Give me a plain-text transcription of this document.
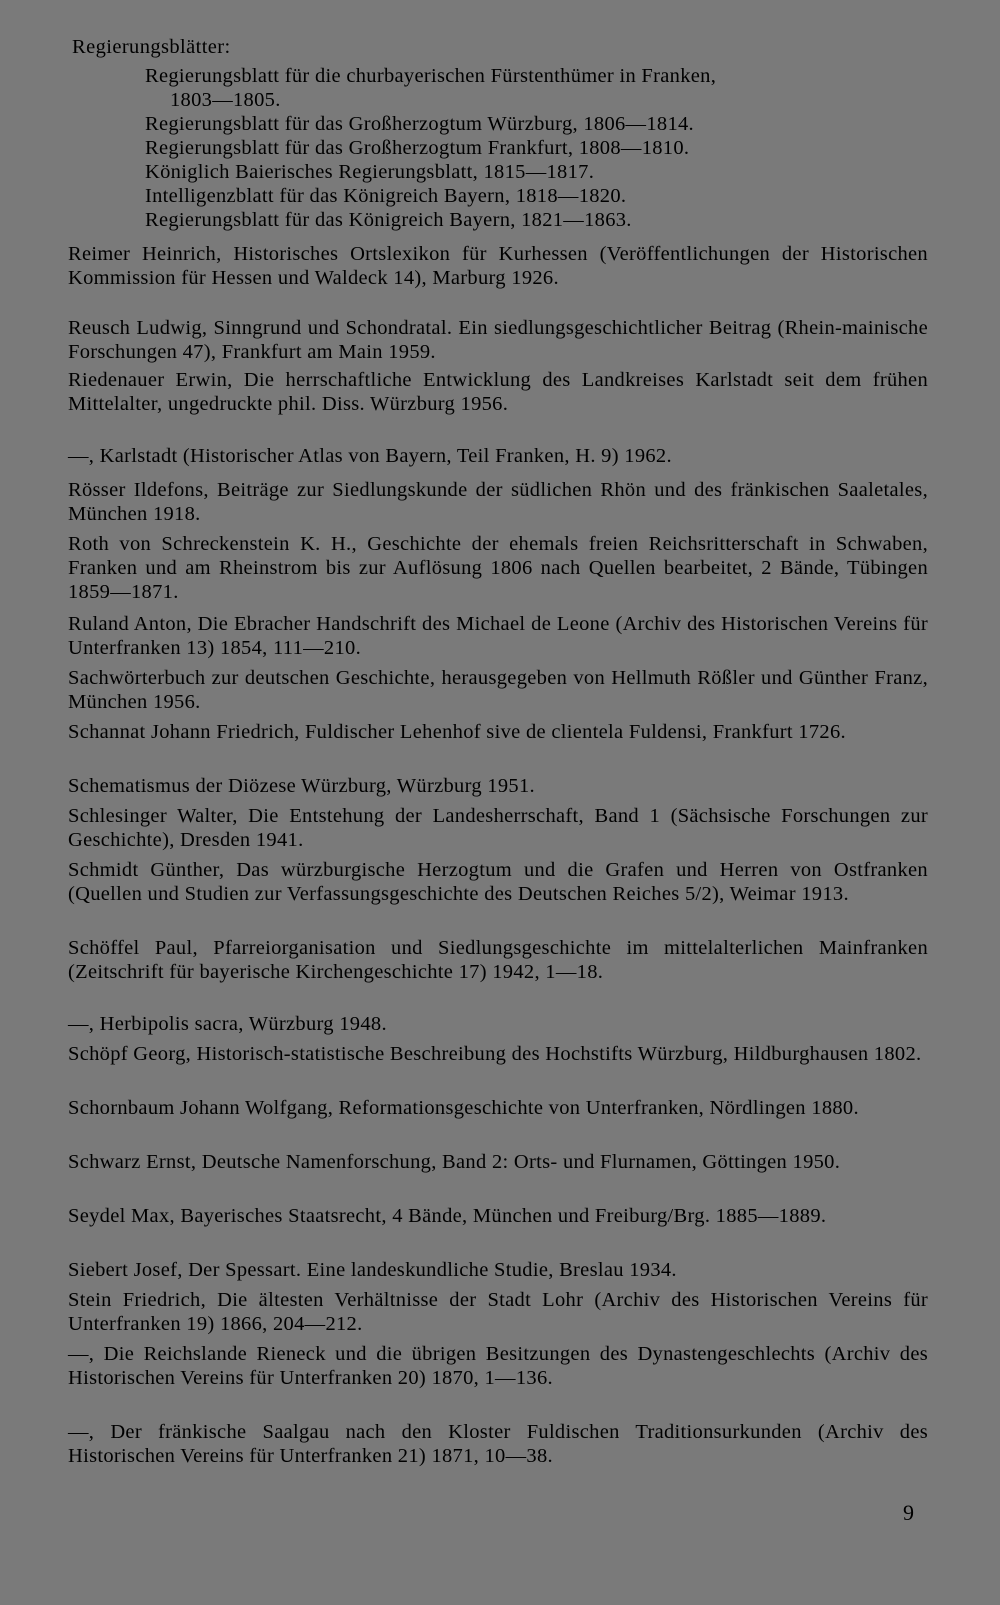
Regierungsblätter:
Regierungsblatt für die churbayerischen Fürstenthümer in Franken,
1803—1805.
Regierungsblatt für das Großherzogtum Würzburg, 1806—1814.
Regierungsblatt für das Großherzogtum Frankfurt, 1808—1810.
Königlich Baierisches Regierungsblatt, 1815—1817.
Intelligenzblatt für das Königreich Bayern, 1818—1820.
Regierungsblatt für das Königreich Bayern, 1821—1863.
Reimer Heinrich, Historisches Ortslexikon für Kurhessen (Veröffentlichungen der Historischen Kommission für Hessen und Waldeck 14), Marburg 1926.
Reusch Ludwig, Sinngrund und Schondratal. Ein siedlungsgeschichtlicher Beitrag (Rhein-mainische Forschungen 47), Frankfurt am Main 1959.
Riedenauer Erwin, Die herrschaftliche Entwicklung des Landkreises Karlstadt seit dem frühen Mittelalter, ungedruckte phil. Diss. Würzburg 1956.
—, Karlstadt (Historischer Atlas von Bayern, Teil Franken, H. 9) 1962.
Rösser Ildefons, Beiträge zur Siedlungskunde der südlichen Rhön und des fränkischen Saaletales, München 1918.
Roth von Schreckenstein K. H., Geschichte der ehemals freien Reichsritterschaft in Schwaben, Franken und am Rheinstrom bis zur Auflösung 1806 nach Quellen bearbeitet, 2 Bände, Tübingen 1859—1871.
Ruland Anton, Die Ebracher Handschrift des Michael de Leone (Archiv des Historischen Vereins für Unterfranken 13) 1854, 111—210.
Sachwörterbuch zur deutschen Geschichte, herausgegeben von Hellmuth Rößler und Günther Franz, München 1956.
Schannat Johann Friedrich, Fuldischer Lehenhof sive de clientela Fuldensi, Frankfurt 1726.
Schematismus der Diözese Würzburg, Würzburg 1951.
Schlesinger Walter, Die Entstehung der Landesherrschaft, Band 1 (Sächsische Forschungen zur Geschichte), Dresden 1941.
Schmidt Günther, Das würzburgische Herzogtum und die Grafen und Herren von Ostfranken (Quellen und Studien zur Verfassungsgeschichte des Deutschen Reiches 5/2), Weimar 1913.
Schöffel Paul, Pfarreiorganisation und Siedlungsgeschichte im mittelalterlichen Mainfranken (Zeitschrift für bayerische Kirchengeschichte 17) 1942, 1—18.
—, Herbipolis sacra, Würzburg 1948.
Schöpf Georg, Historisch-statistische Beschreibung des Hochstifts Würzburg, Hildburghausen 1802.
Schornbaum Johann Wolfgang, Reformationsgeschichte von Unterfranken, Nördlingen 1880.
Schwarz Ernst, Deutsche Namenforschung, Band 2: Orts- und Flurnamen, Göttingen 1950.
Seydel Max, Bayerisches Staatsrecht, 4 Bände, München und Freiburg/Brg. 1885—1889.
Siebert Josef, Der Spessart. Eine landeskundliche Studie, Breslau 1934.
Stein Friedrich, Die ältesten Verhältnisse der Stadt Lohr (Archiv des Historischen Vereins für Unterfranken 19) 1866, 204—212.
—, Die Reichslande Rieneck und die übrigen Besitzungen des Dynastengeschlechts (Archiv des Historischen Vereins für Unterfranken 20) 1870, 1—136.
—, Der fränkische Saalgau nach den Kloster Fuldischen Traditionsurkunden (Archiv des Historischen Vereins für Unterfranken 21) 1871, 10—38.
9
